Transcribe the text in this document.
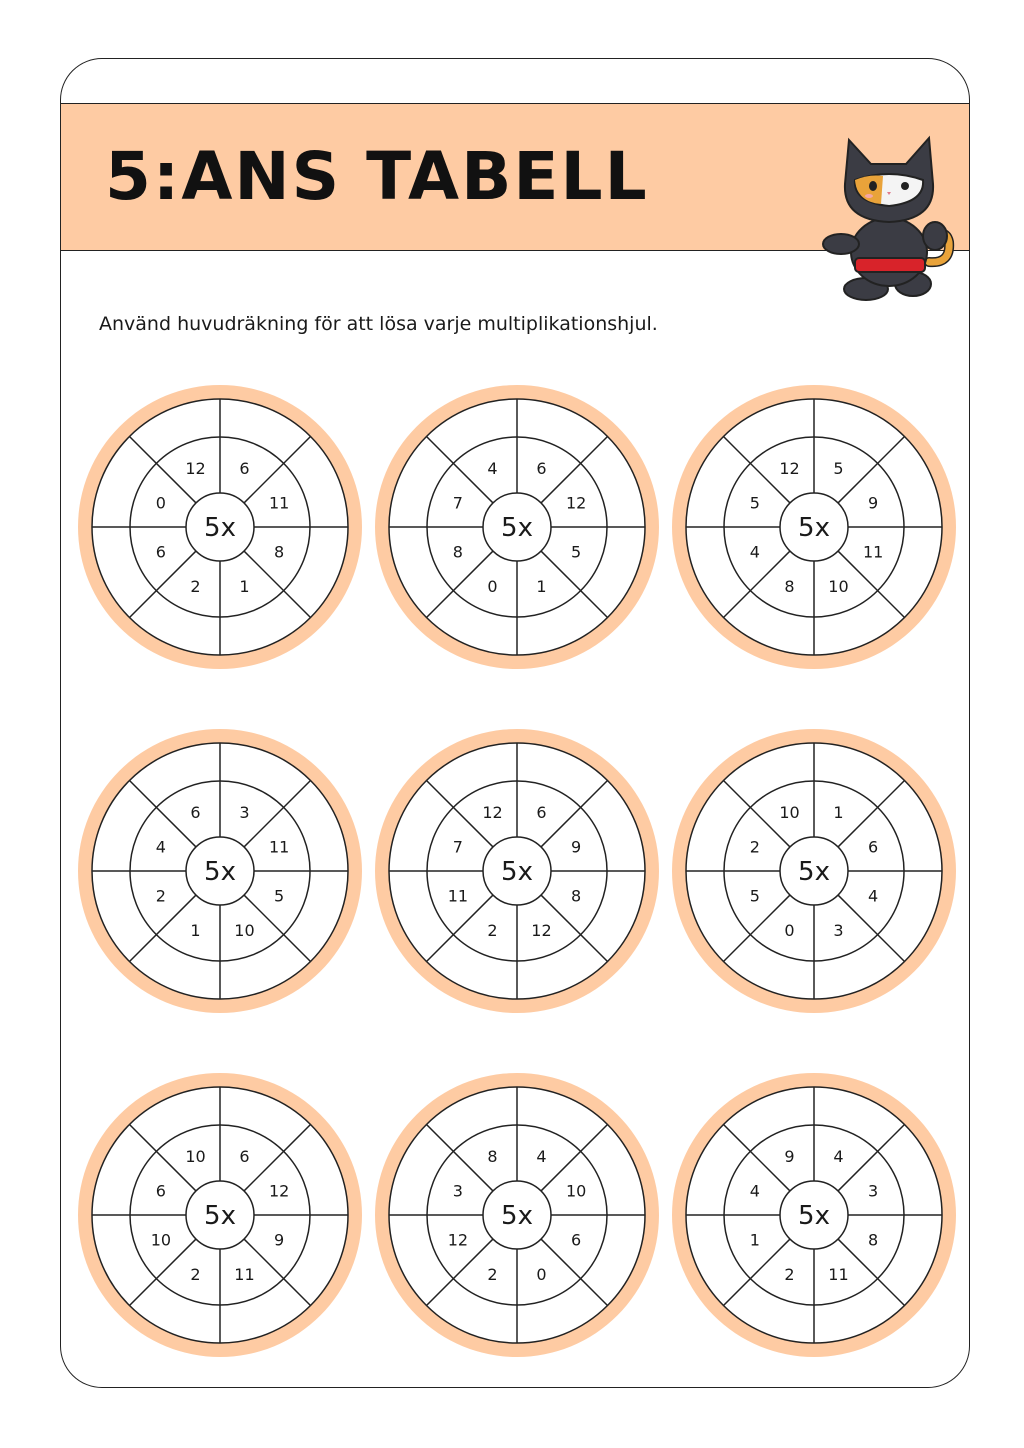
5:ANS TABELL

Använd huvudräkning för att lösa varje multiplikationshjul.

5x
6
11
8
1
2
6
0
12
5x
6
12
5
1
0
8
7
4
5x
5
9
11
10
8
4
5
12
5x
3
11
5
10
1
2
4
6
5x
6
9
8
12
2
11
7
12
5x
1
6
4
3
0
5
2
10
5x
6
12
9
11
2
10
6
10
5x
4
10
6
0
2
12
3
8
5x
4
3
8
11
2
1
4
9
